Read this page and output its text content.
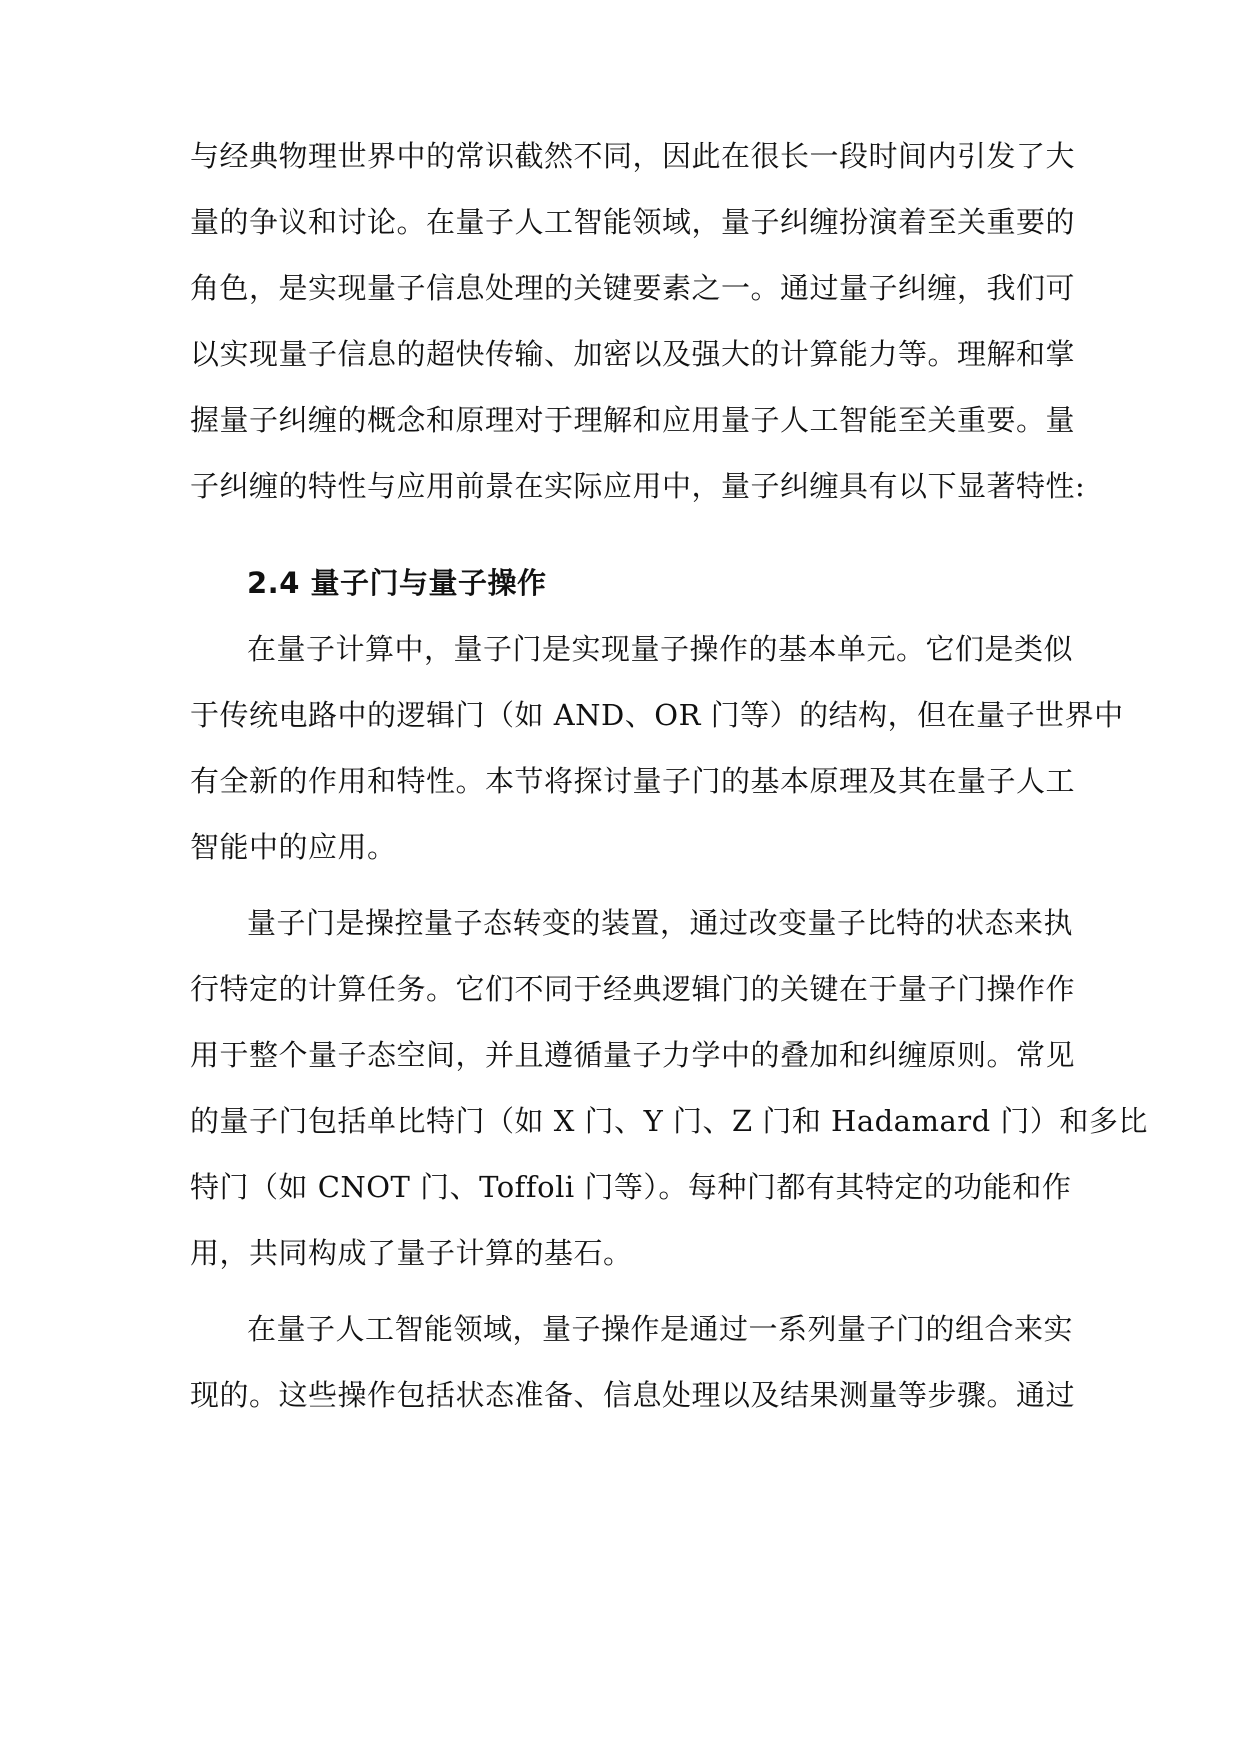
与经典物理世界中的常识截然不同，因此在很长一段时间内引发了大
量的争议和讨论。在量子人工智能领域，量子纠缠扮演着至关重要的
角色，是实现量子信息处理的关键要素之一。通过量子纠缠，我们可
以实现量子信息的超快传输、加密以及强大的计算能力等。理解和掌
握量子纠缠的概念和原理对于理解和应用量子人工智能至关重要。量
子纠缠的特性与应用前景在实际应用中，量子纠缠具有以下显著特性:
2.4 量子门与量子操作
在量子计算中，量子门是实现量子操作的基本单元。它们是类似
于传统电路中的逻辑门（如 AND、OR 门等）的结构，但在量子世界中
有全新的作用和特性。本节将探讨量子门的基本原理及其在量子人工
智能中的应用。
量子门是操控量子态转变的装置，通过改变量子比特的状态来执
行特定的计算任务。它们不同于经典逻辑门的关键在于量子门操作作
用于整个量子态空间，并且遵循量子力学中的叠加和纠缠原则。常见
的量子门包括单比特门（如 X 门、Y 门、Z 门和 Hadamard 门）和多比
特门（如 CNOT 门、Toffoli 门等）。每种门都有其特定的功能和作
用，共同构成了量子计算的基石。
在量子人工智能领域，量子操作是通过一系列量子门的组合来实
现的。这些操作包括状态准备、信息处理以及结果测量等步骤。通过
